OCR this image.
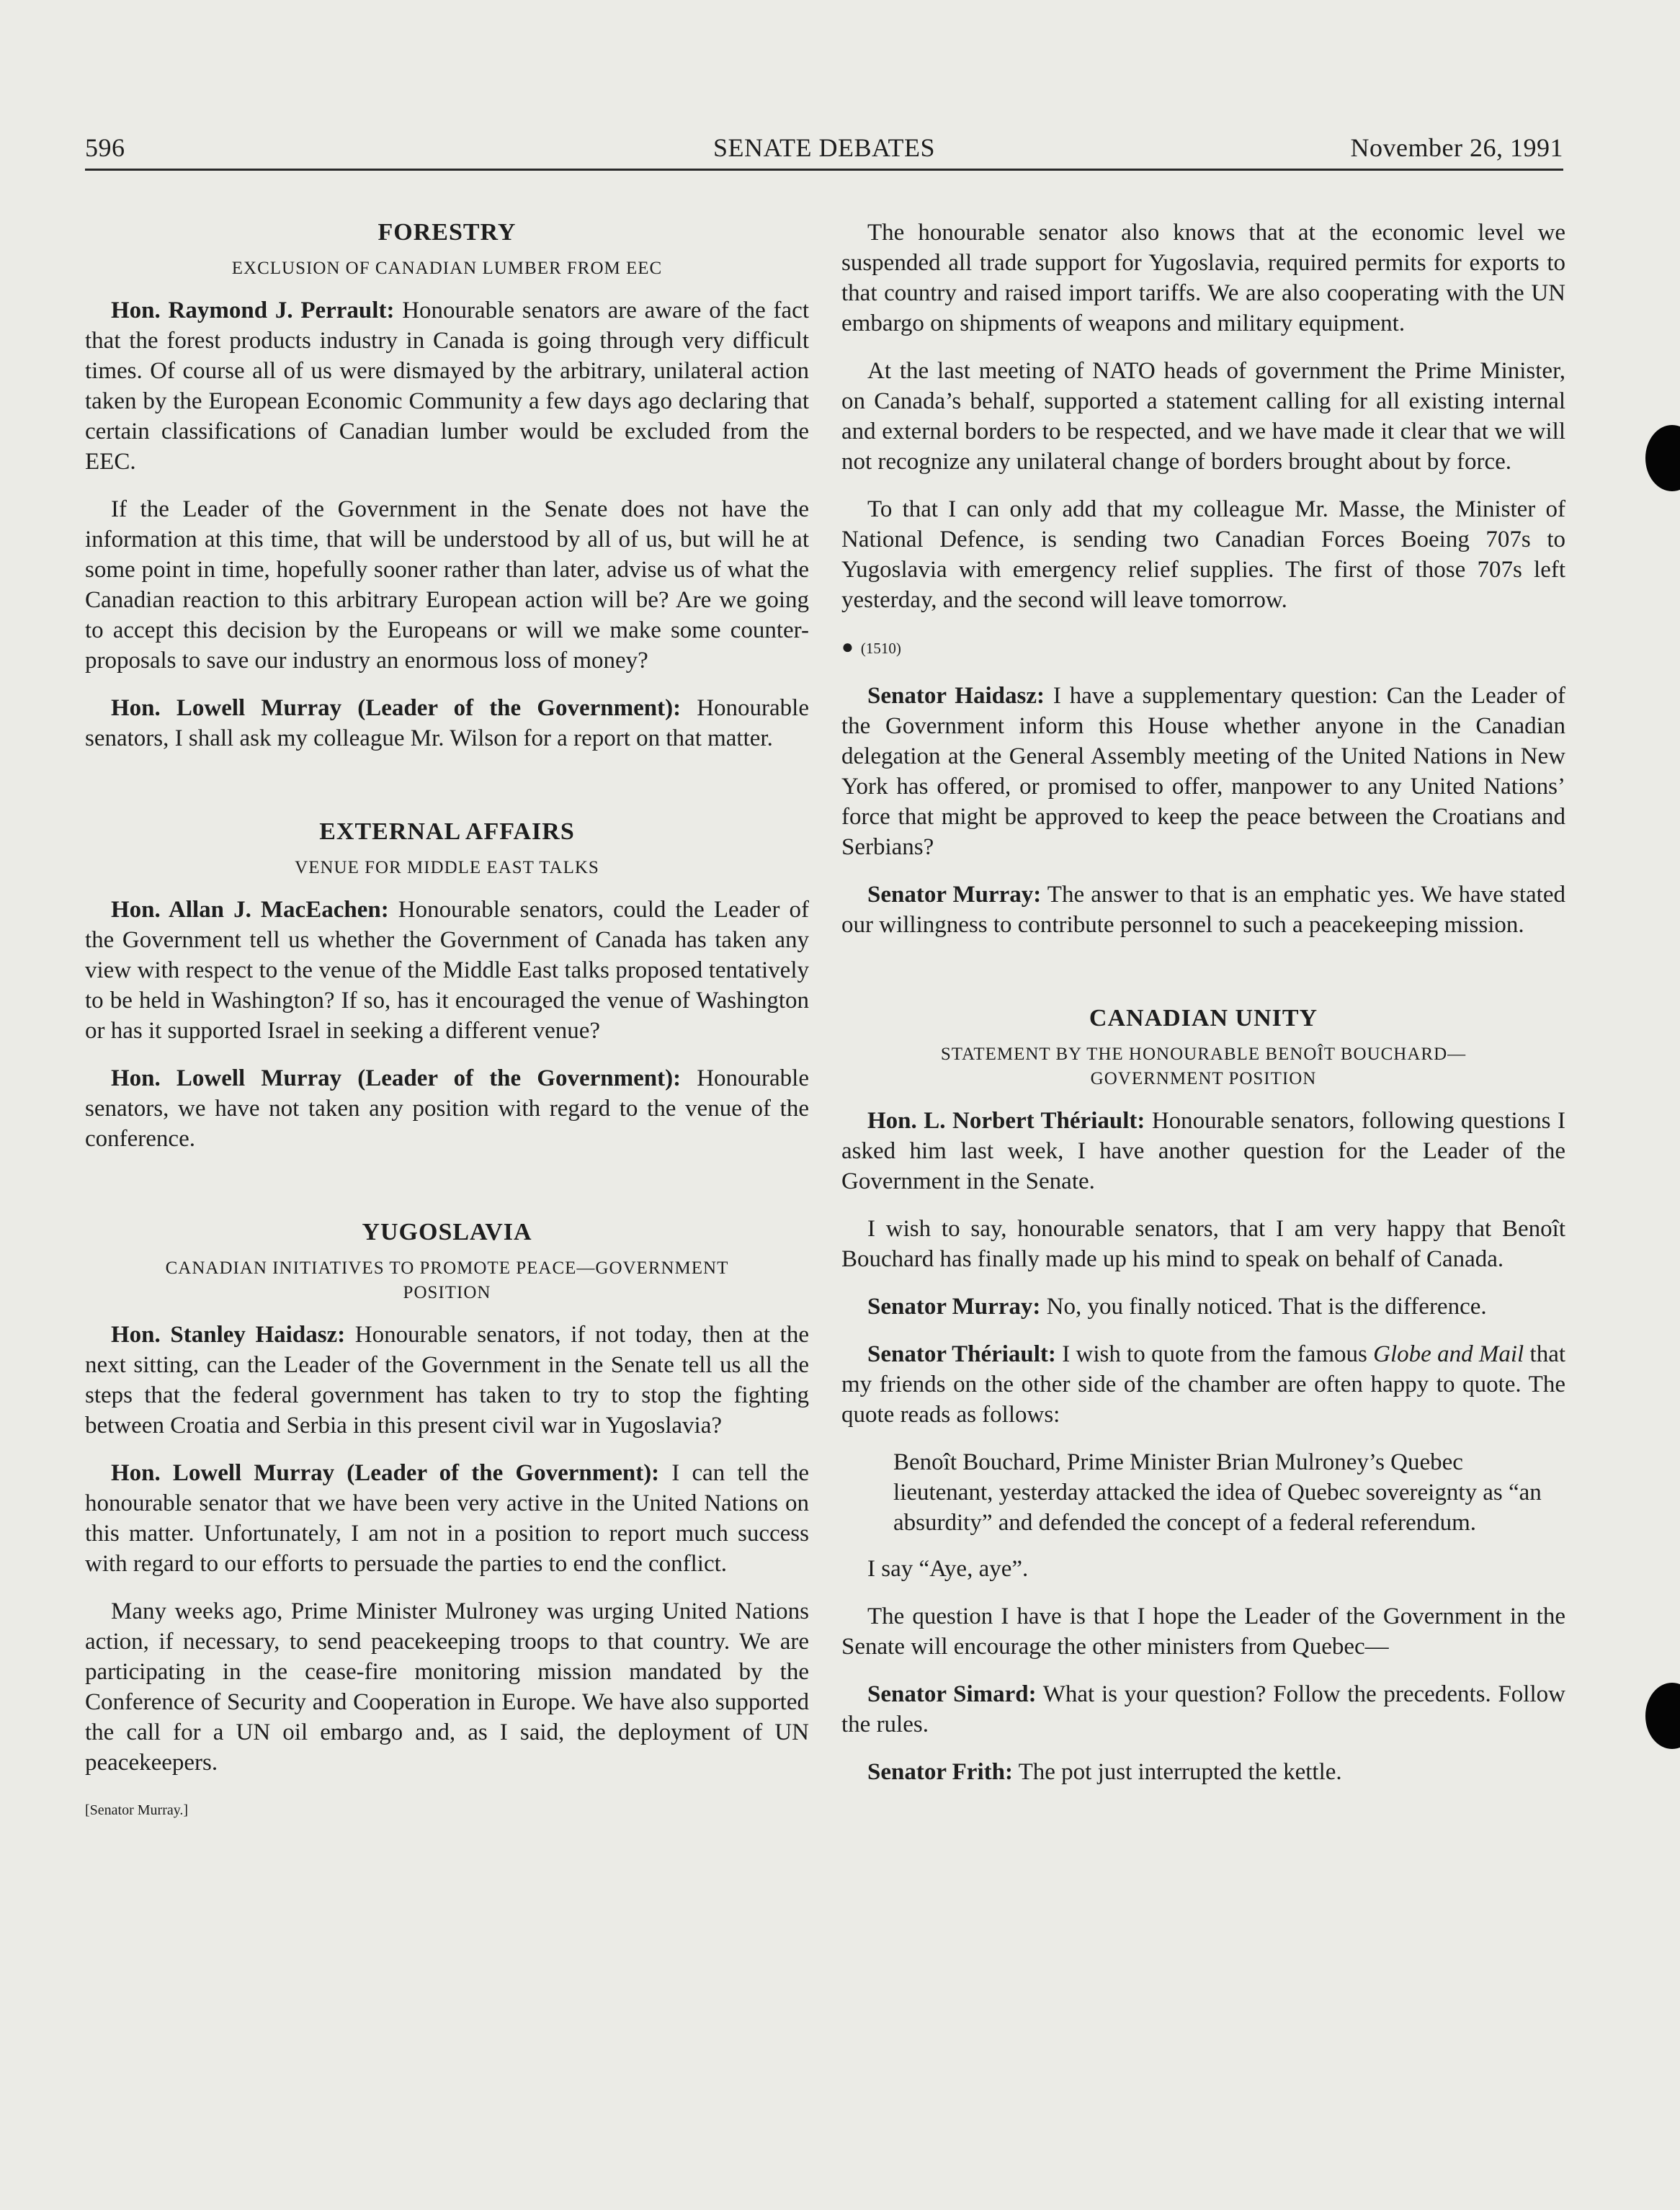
596	SENATE DEBATES	November 26, 1991

FORESTRY

EXCLUSION OF CANADIAN LUMBER FROM EEC

Hon. Raymond J. Perrault: Honourable senators are aware of the fact that the forest products industry in Canada is going through very difficult times. Of course all of us were dismayed by the arbitrary, unilateral action taken by the European Economic Community a few days ago declaring that certain classifications of Canadian lumber would be excluded from the EEC.

If the Leader of the Government in the Senate does not have the information at this time, that will be understood by all of us, but will he at some point in time, hopefully sooner rather than later, advise us of what the Canadian reaction to this arbitrary European action will be? Are we going to accept this decision by the Europeans or will we make some counter-proposals to save our industry an enormous loss of money?

Hon. Lowell Murray (Leader of the Government): Honourable senators, I shall ask my colleague Mr. Wilson for a report on that matter.

EXTERNAL AFFAIRS

VENUE FOR MIDDLE EAST TALKS

Hon. Allan J. MacEachen: Honourable senators, could the Leader of the Government tell us whether the Government of Canada has taken any view with respect to the venue of the Middle East talks proposed tentatively to be held in Washington? If so, has it encouraged the venue of Washington or has it supported Israel in seeking a different venue?

Hon. Lowell Murray (Leader of the Government): Honourable senators, we have not taken any position with regard to the venue of the conference.

YUGOSLAVIA

CANADIAN INITIATIVES TO PROMOTE PEACE—GOVERNMENT
POSITION

Hon. Stanley Haidasz: Honourable senators, if not today, then at the next sitting, can the Leader of the Government in the Senate tell us all the steps that the federal government has taken to try to stop the fighting between Croatia and Serbia in this present civil war in Yugoslavia?

Hon. Lowell Murray (Leader of the Government): I can tell the honourable senator that we have been very active in the United Nations on this matter. Unfortunately, I am not in a position to report much success with regard to our efforts to persuade the parties to end the conflict.

Many weeks ago, Prime Minister Mulroney was urging United Nations action, if necessary, to send peacekeeping troops to that country. We are participating in the cease-fire monitoring mission mandated by the Conference of Security and Cooperation in Europe. We have also supported the call for a UN oil embargo and, as I said, the deployment of UN peacekeepers.

[Senator Murray.]

The honourable senator also knows that at the economic level we suspended all trade support for Yugoslavia, required permits for exports to that country and raised import tariffs. We are also cooperating with the UN embargo on shipments of weapons and military equipment.

At the last meeting of NATO heads of government the Prime Minister, on Canada’s behalf, supported a statement calling for all existing internal and external borders to be respected, and we have made it clear that we will not recognize any unilateral change of borders brought about by force.

To that I can only add that my colleague Mr. Masse, the Minister of National Defence, is sending two Canadian Forces Boeing 707s to Yugoslavia with emergency relief supplies. The first of those 707s left yesterday, and the second will leave tomorrow.

● (1510)

Senator Haidasz: I have a supplementary question: Can the Leader of the Government inform this House whether anyone in the Canadian delegation at the General Assembly meeting of the United Nations in New York has offered, or promised to offer, manpower to any United Nations’ force that might be approved to keep the peace between the Croatians and Serbians?

Senator Murray: The answer to that is an emphatic yes. We have stated our willingness to contribute personnel to such a peacekeeping mission.

CANADIAN UNITY

STATEMENT BY THE HONOURABLE BENOÎT BOUCHARD—
GOVERNMENT POSITION

Hon. L. Norbert Thériault: Honourable senators, following questions I asked him last week, I have another question for the Leader of the Government in the Senate.

I wish to say, honourable senators, that I am very happy that Benoît Bouchard has finally made up his mind to speak on behalf of Canada.

Senator Murray: No, you finally noticed. That is the difference.

Senator Thériault: I wish to quote from the famous Globe and Mail that my friends on the other side of the chamber are often happy to quote. The quote reads as follows:

Benoît Bouchard, Prime Minister Brian Mulroney’s Quebec lieutenant, yesterday attacked the idea of Quebec sovereignty as “an absurdity” and defended the concept of a federal referendum.

I say “Aye, aye”.

The question I have is that I hope the Leader of the Government in the Senate will encourage the other ministers from Quebec—

Senator Simard: What is your question? Follow the precedents. Follow the rules.

Senator Frith: The pot just interrupted the kettle.
